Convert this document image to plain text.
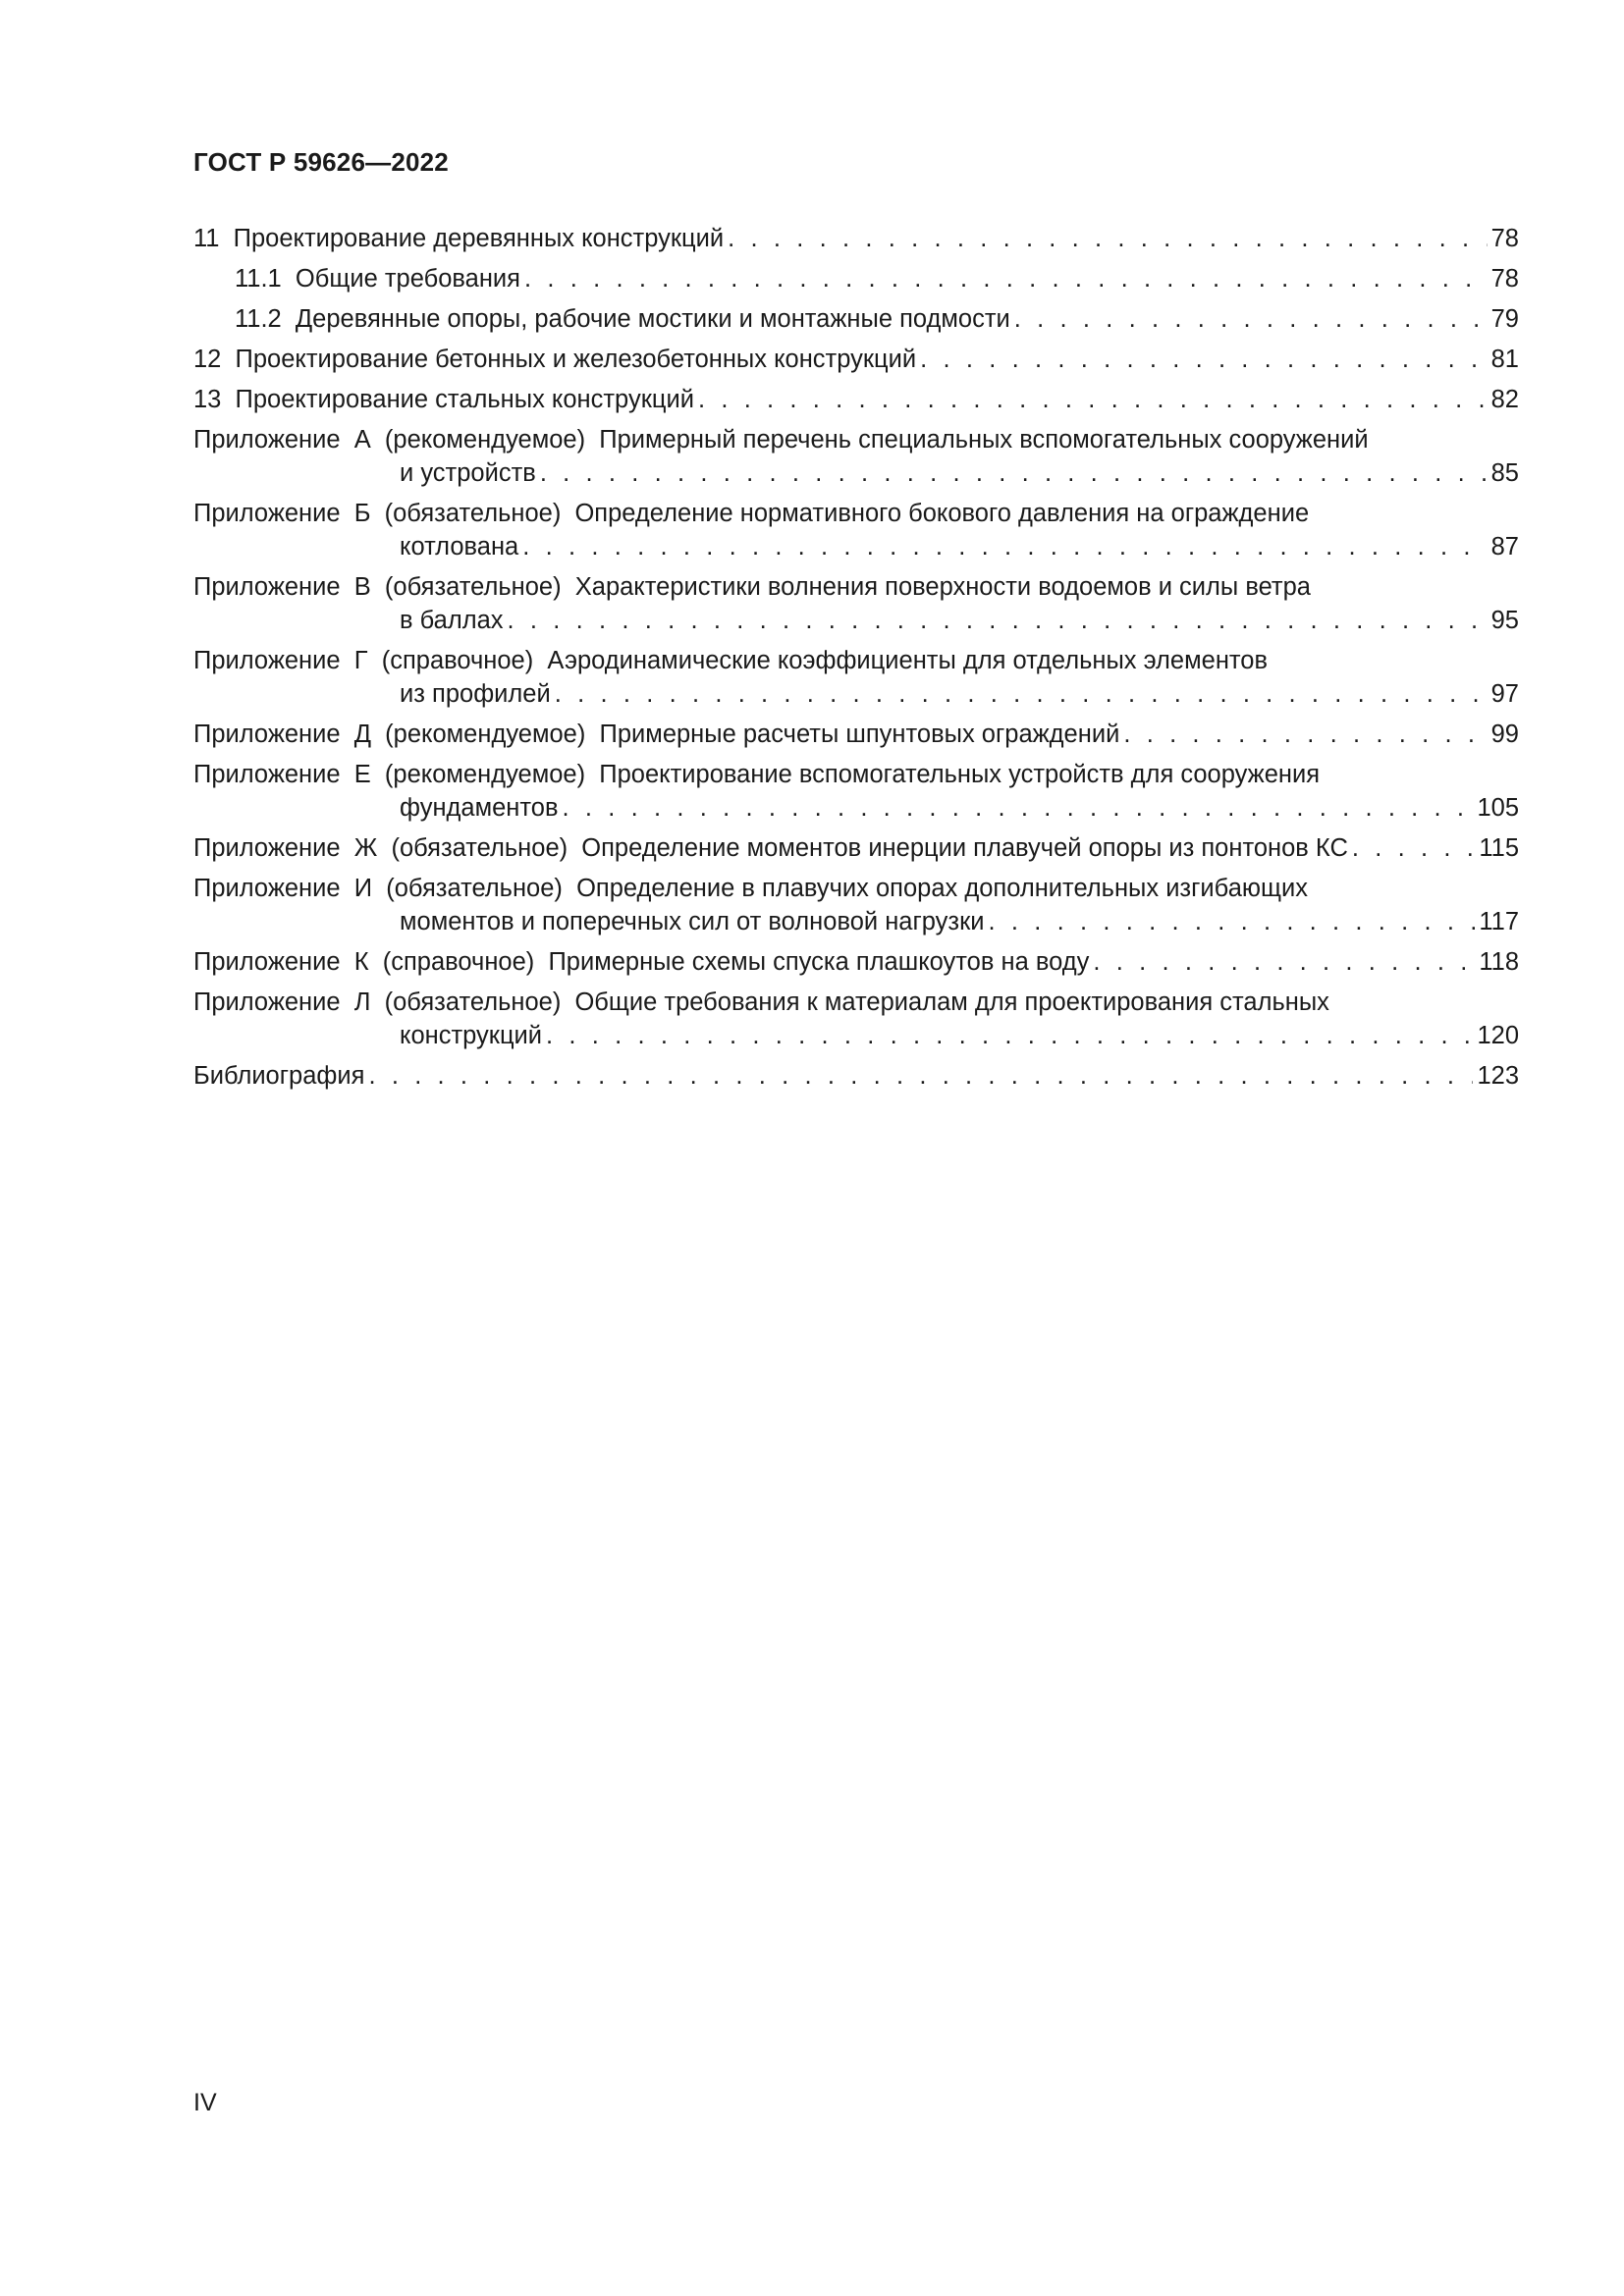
ГОСТ Р 59626—2022
11  Проектирование деревянных конструкций . . .	78
11.1  Общие требования . . .	78
11.2  Деревянные опоры, рабочие мостики и монтажные подмости . . .	79
12  Проектирование бетонных и железобетонных конструкций . . .	81
13  Проектирование стальных конструкций . . .	82
Приложение  А  (рекомендуемое)  Примерный перечень специальных вспомогательных сооружений
и устройств . . .	85
Приложение  Б  (обязательное)  Определение нормативного бокового давления на ограждение
котлована . . .	87
Приложение  В  (обязательное)  Характеристики волнения поверхности водоемов и силы ветра
в баллах . . .	95
Приложение  Г  (справочное)  Аэродинамические коэффициенты для отдельных элементов
из профилей . . .	97
Приложение  Д  (рекомендуемое)  Примерные расчеты шпунтовых ограждений . . .	99
Приложение  Е  (рекомендуемое)  Проектирование вспомогательных устройств для сооружения
фундаментов . . .	105
Приложение  Ж  (обязательное)  Определение моментов инерции плавучей опоры из понтонов КС . . .	115
Приложение  И  (обязательное)  Определение в плавучих опорах дополнительных изгибающих
моментов и поперечных сил от волновой нагрузки . . .	117
Приложение  К  (справочное)  Примерные схемы спуска плашкоутов на воду . . .	118
Приложение  Л  (обязательное)  Общие требования к материалам для проектирования стальных
конструкций . . .	120
Библиография . . .	123
IV
